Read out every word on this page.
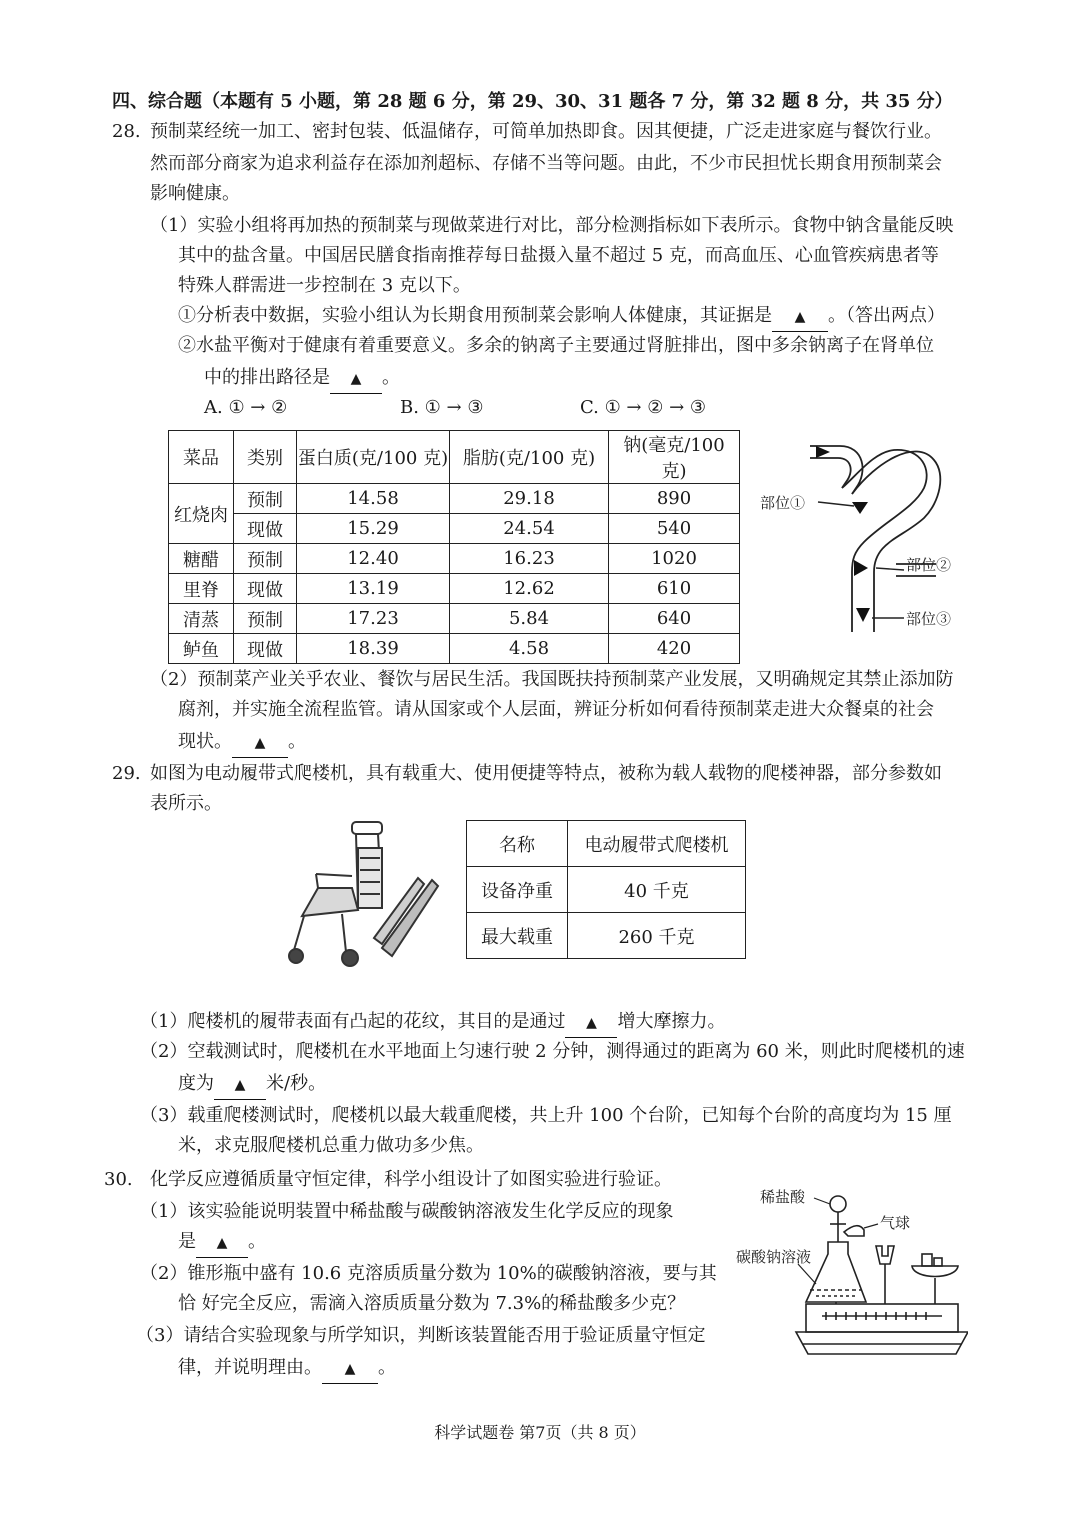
四、综合题（本题有 5 小题，第 28 题 6 分，第 29、30、31 题各 7 分，第 32 题 8 分，共 35 分）
28. 预制菜经统一加工、密封包装、低温储存，可简单加热即食。因其便捷，广泛走进家庭与餐饮行业。
然而部分商家为追求利益存在添加剂超标、存储不当等问题。由此，不少市民担忧长期食用预制菜会
影响健康。
（1）实验小组将再加热的预制菜与现做菜进行对比，部分检测指标如下表所示。食物中钠含量能反映
其中的盐含量。中国居民膳食指南推荐每日盐摄入量不超过 5 克，而高血压、心血管疾病患者等
特殊人群需进一步控制在 3 克以下。
①分析表中数据，实验小组认为长期食用预制菜会影响人体健康，其证据是 ▲ 。（答出两点）
②水盐平衡对于健康有着重要意义。多余的钠离子主要通过肾脏排出，图中多余钠离子在肾单位
中的排出路径是 ▲ 。
A. ① → ②	B. ① → ③	C. ① → ② → ③
菜品	类别	蛋白质(克/100 克)	脂肪(克/100 克)	钠(毫克/100 克)
红烧肉	预制	14.58	29.18	890
	现做	15.29	24.54	540
糖醋	预制	12.40	16.23	1020
里脊	现做	13.19	12.62	610
清蒸	预制	17.23	5.84	640
鲈鱼	现做	18.39	4.58	420
部位①
部位②
部位③
（2）预制菜产业关乎农业、餐饮与居民生活。我国既扶持预制菜产业发展，又明确规定其禁止添加防
腐剂，并实施全流程监管。请从国家或个人层面，辨证分析如何看待预制菜走进大众餐桌的社会
现状。 ▲ 。
29. 如图为电动履带式爬楼机，具有载重大、使用便捷等特点，被称为载人载物的爬楼神器，部分参数如
表所示。
名称	电动履带式爬楼机
设备净重	40 千克
最大载重	260 千克
（1）爬楼机的履带表面有凸起的花纹，其目的是通过 ▲ 增大摩擦力。
（2）空载测试时，爬楼机在水平地面上匀速行驶 2 分钟，测得通过的距离为 60 米，则此时爬楼机的速
度为 ▲ 米/秒。
（3）载重爬楼测试时，爬楼机以最大载重爬楼，共上升 100 个台阶，已知每个台阶的高度均为 15 厘
米，求克服爬楼机总重力做功多少焦。
30. 化学反应遵循质量守恒定律，科学小组设计了如图实验进行验证。
（1）该实验能说明装置中稀盐酸与碳酸钠溶液发生化学反应的现象
是 ▲ 。
（2）锥形瓶中盛有 10.6 克溶质质量分数为 10%的碳酸钠溶液，要与其
恰 好完全反应，需滴入溶质质量分数为 7.3%的稀盐酸多少克？
（3）请结合实验现象与所学知识，判断该装置能否用于验证质量守恒定
律，并说明理由。 ▲ 。
稀盐酸
气球
碳酸钠溶液
科学试题卷 第7页（共 8 页）
